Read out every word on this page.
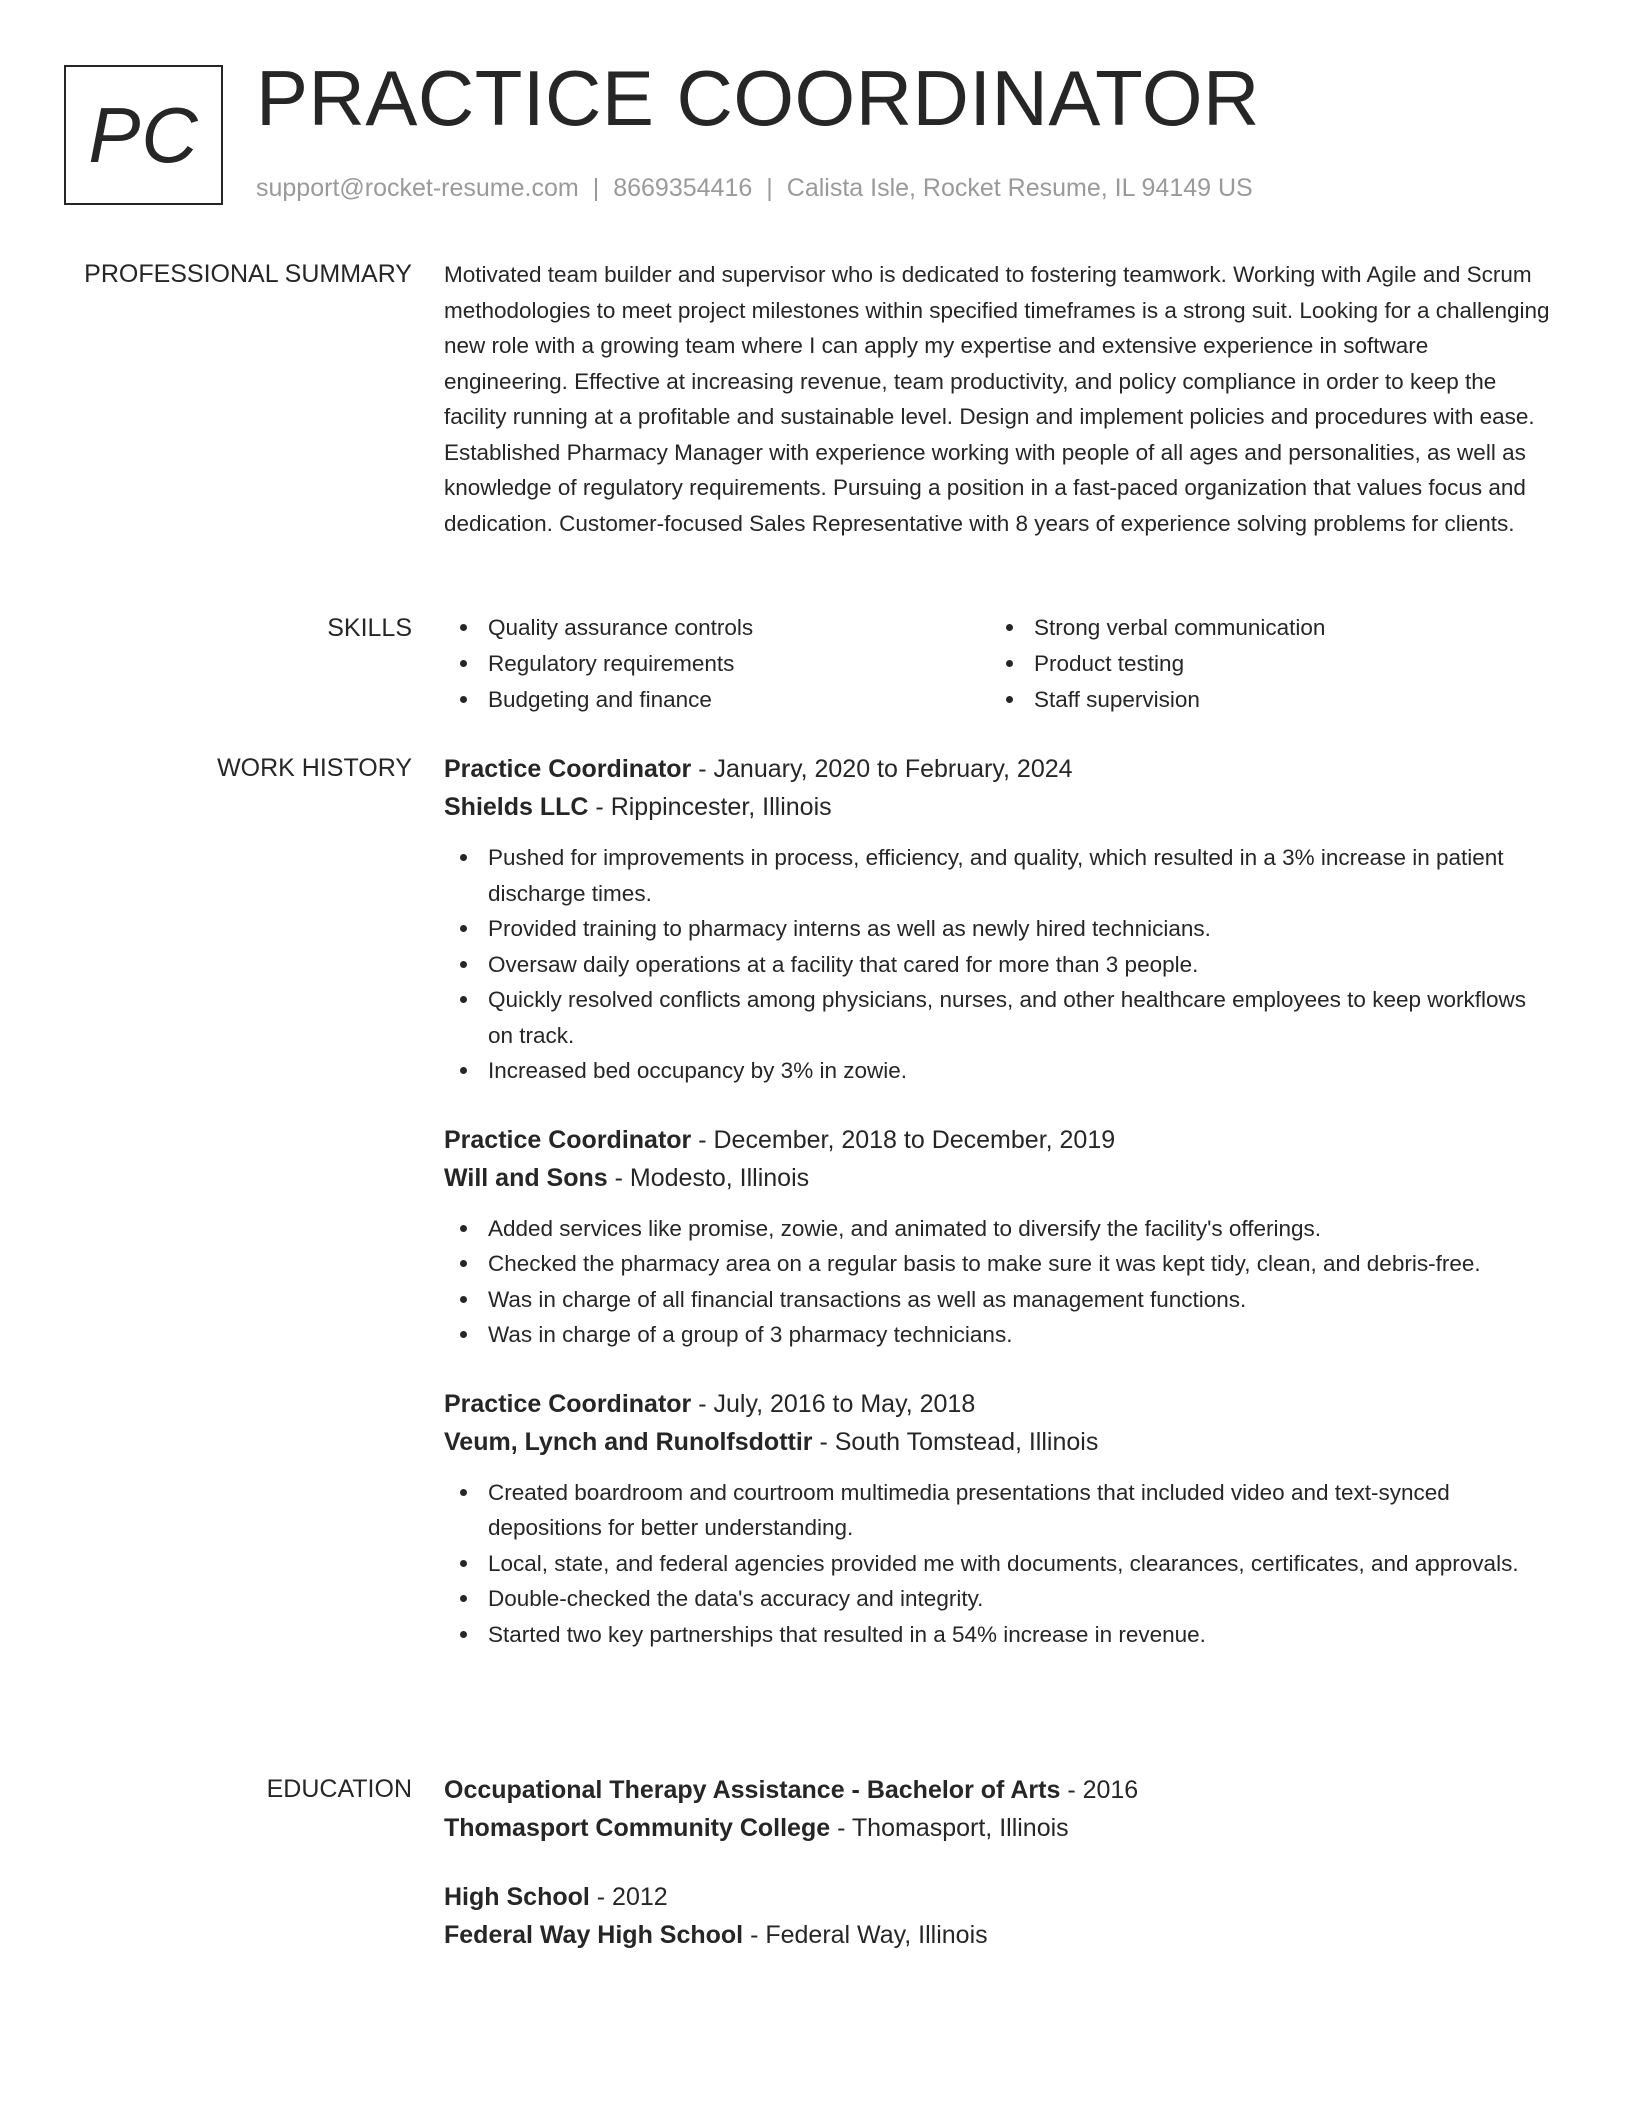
PC PRACTICE COORDINATOR
support@rocket-resume.com | 8669354416 | Calista Isle, Rocket Resume, IL 94149 US
PROFESSIONAL SUMMARY Motivated team builder and supervisor who is dedicated to fostering teamwork. Working with Agile and Scrum methodologies to meet project milestones within specified timeframes is a strong suit. Looking for a challenging new role with a growing team where I can apply my expertise and extensive experience in software engineering. Effective at increasing revenue, team productivity, and policy compliance in order to keep the facility running at a profitable and sustainable level. Design and implement policies and procedures with ease. Established Pharmacy Manager with experience working with people of all ages and personalities, as well as knowledge of regulatory requirements. Pursuing a position in a fast-paced organization that values focus and dedication. Customer-focused Sales Representative with 8 years of experience solving problems for clients.

SKILLS	Quality assurance controls	Strong verbal communication
Regulatory requirements	Product testing
Budgeting and finance	Staff supervision
WORK HISTORY Practice Coordinator - January, 2020 to February, 2024
Shields LLC - Rippincester, Illinois
Pushed for improvements in process, efficiency, and quality, which resulted in a 3% increase in patient discharge times.
Provided training to pharmacy interns as well as newly hired technicians.
Oversaw daily operations at a facility that cared for more than 3 people.
Quickly resolved conflicts among physicians, nurses, and other healthcare employees to keep workflows on track.
Increased bed occupancy by 3% in zowie.
Practice Coordinator - December, 2018 to December, 2019
Will and Sons - Modesto, Illinois
Added services like promise, zowie, and animated to diversify the facility's offerings.
Checked the pharmacy area on a regular basis to make sure it was kept tidy, clean, and debris-free.
Was in charge of all financial transactions as well as management functions.
Was in charge of a group of 3 pharmacy technicians.
Practice Coordinator - July, 2016 to May, 2018
Veum, Lynch and Runolfsdottir - South Tomstead, Illinois
Created boardroom and courtroom multimedia presentations that included video and text-synced depositions for better understanding.
Local, state, and federal agencies provided me with documents, clearances, certificates, and approvals.
Double-checked the data's accuracy and integrity.
Started two key partnerships that resulted in a 54% increase in revenue.
EDUCATION Occupational Therapy Assistance - Bachelor of Arts - 2016
Thomasport Community College - Thomasport, Illinois
High School - 2012
Federal Way High School - Federal Way, Illinois
